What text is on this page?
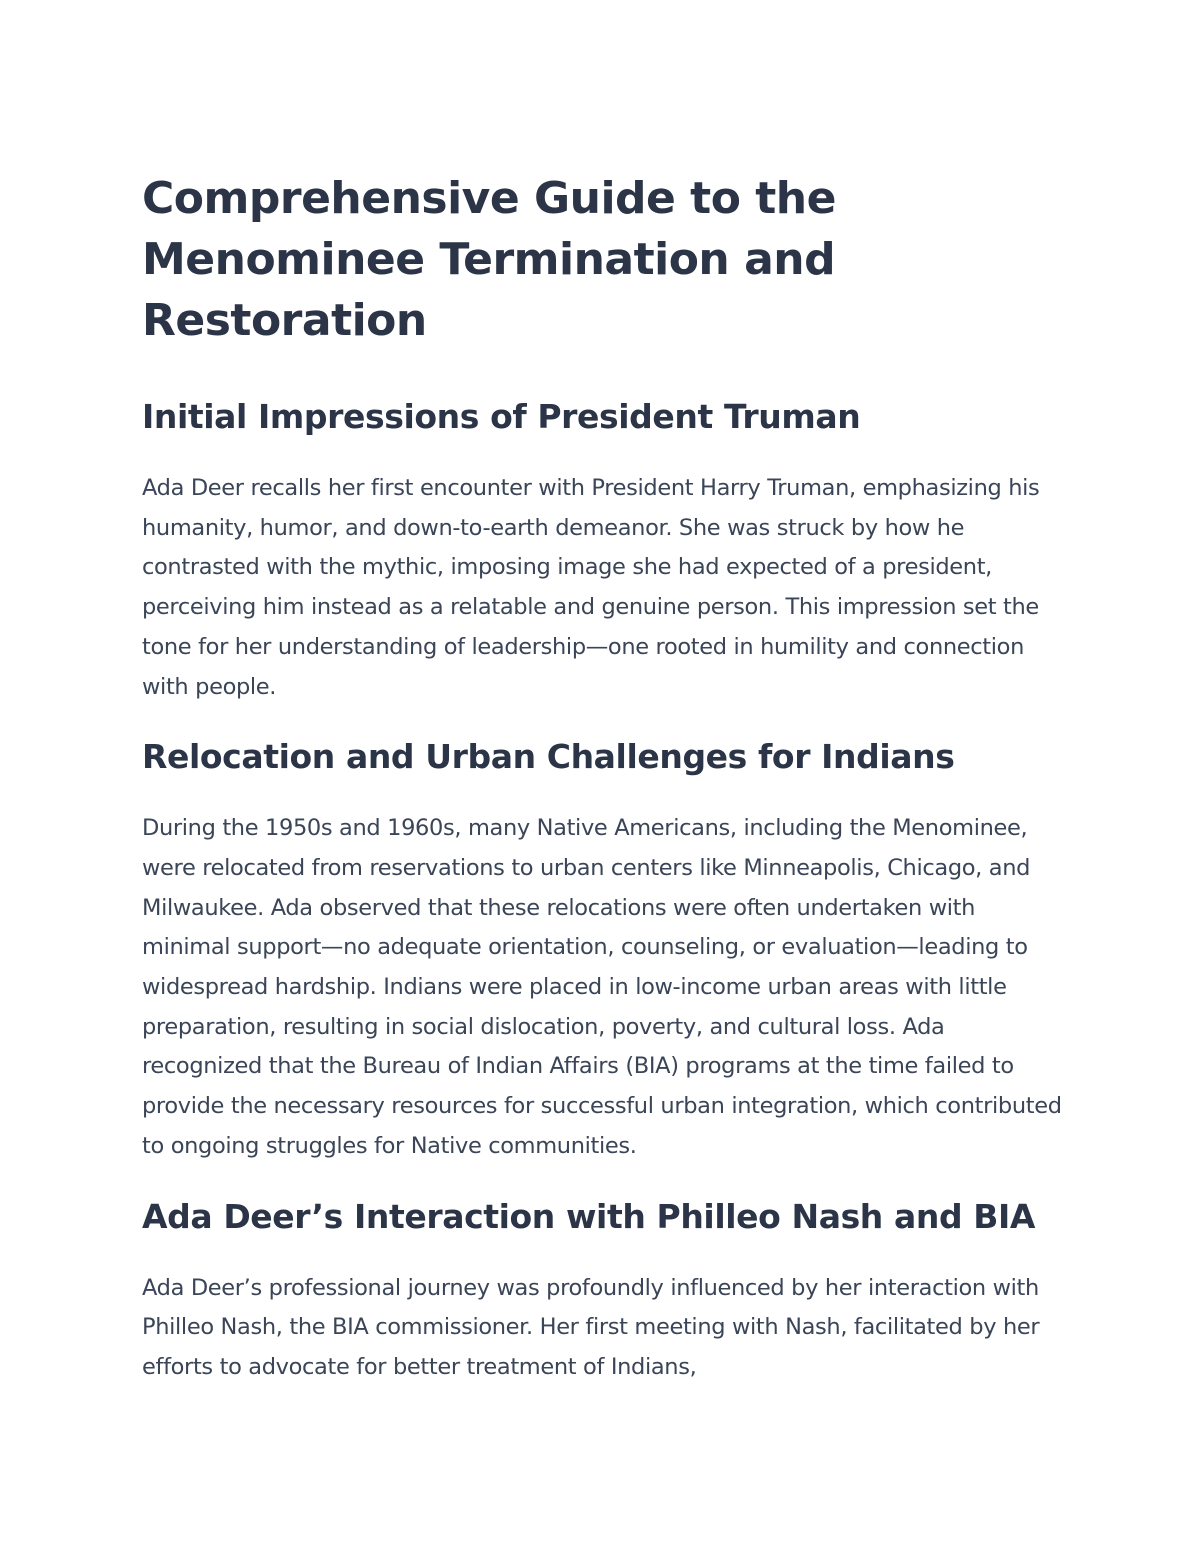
Comprehensive Guide to the Menominee Termination and Restoration
Initial Impressions of President Truman

Ada Deer recalls her first encounter with President Harry Truman, emphasizing his humanity, humor, and down-to-earth demeanor. She was struck by how he contrasted with the mythic, imposing image she had expected of a president, perceiving him instead as a relatable and genuine person. This impression set the tone for her understanding of leadership—one rooted in humility and connection with people.

Relocation and Urban Challenges for Indians

During the 1950s and 1960s, many Native Americans, including the Menominee, were relocated from reservations to urban centers like Minneapolis, Chicago, and Milwaukee. Ada observed that these relocations were often undertaken with minimal support—no adequate orientation, counseling, or evaluation—leading to widespread hardship. Indians were placed in low-income urban areas with little preparation, resulting in social dislocation, poverty, and cultural loss. Ada recognized that the Bureau of Indian Affairs (BIA) programs at the time failed to provide the necessary resources for successful urban integration, which contributed to ongoing struggles for Native communities.

Ada Deer’s Interaction with Philleo Nash and BIA

Ada Deer’s professional journey was profoundly influenced by her interaction with Philleo Nash, the BIA commissioner. Her first meeting with Nash, facilitated by her efforts to advocate for better treatment of Indians,
